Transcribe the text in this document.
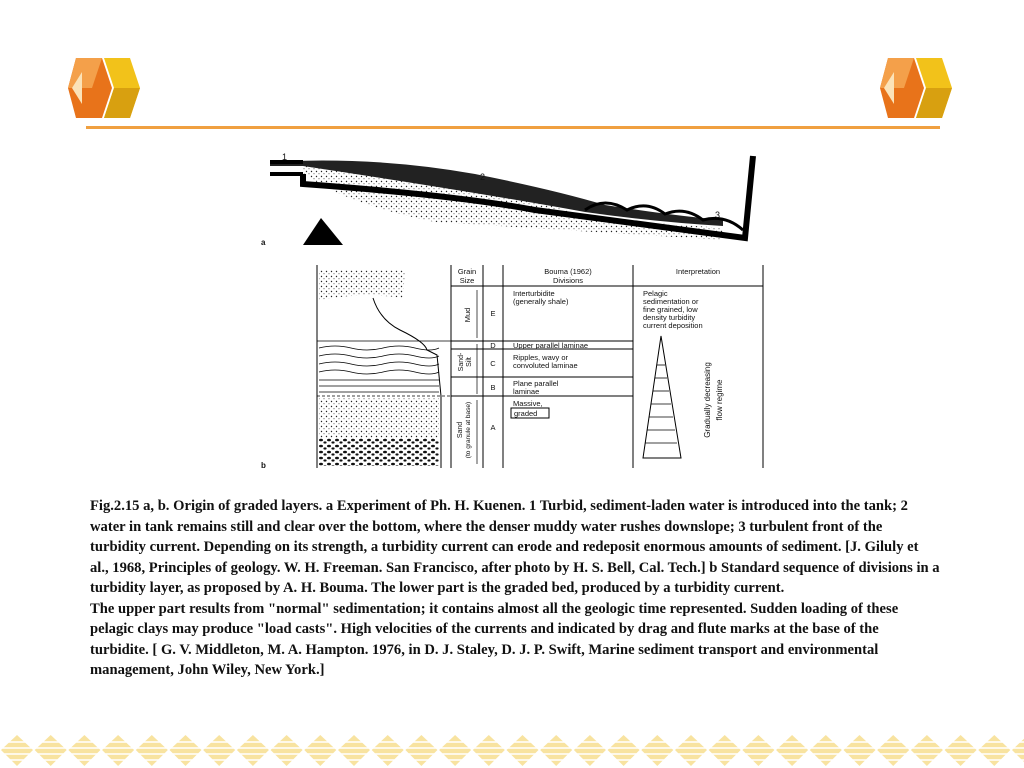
1
2
3
a
Grain
Size
Bouma (1962)
Divisions
Interpretation
Mud
Sand- Silt
Sand (to granule at base)
E
D
C
B
A
Interturbidite
(generally shale)
Upper parallel laminae
Ripples, wavy or
convoluted laminae
Plane parallel
laminae
Massive,
graded
Pelagic
sedimentation or
fine grained, low
density turbidity
current deposition
Gradually decreasing flow regime
b

Fig.2.15 a, b. Origin of graded layers. a Experiment of Ph. H. Kuenen. 1 Turbid, sediment-laden water is introduced into the tank; 2 water in tank remains still and clear over the bottom, where the denser muddy water rushes downslope; 3 turbulent front of the turbidity current. Depending on its strength, a turbidity current can erode and redeposit enormous amounts of sediment. [J. Giluly et al., 1968, Principles of geology. W. H. Freeman. San Francisco, after photo by H. S. Bell, Cal. Tech.] b Standard sequence of divisions in a turbidity layer, as proposed by A. H. Bouma. The lower part is the graded bed, produced by a turbidity current.

The upper part results from "normal" sedimentation; it contains almost all the geologic time represented. Sudden loading of these pelagic clays may produce "load casts". High velocities of the currents and indicated by drag and flute marks at the base of the turbidite. [ G. V. Middleton, M. A. Hampton. 1976, in D. J. Staley, D. J. P. Swift, Marine sediment transport and environmental management, John Wiley, New York.]
